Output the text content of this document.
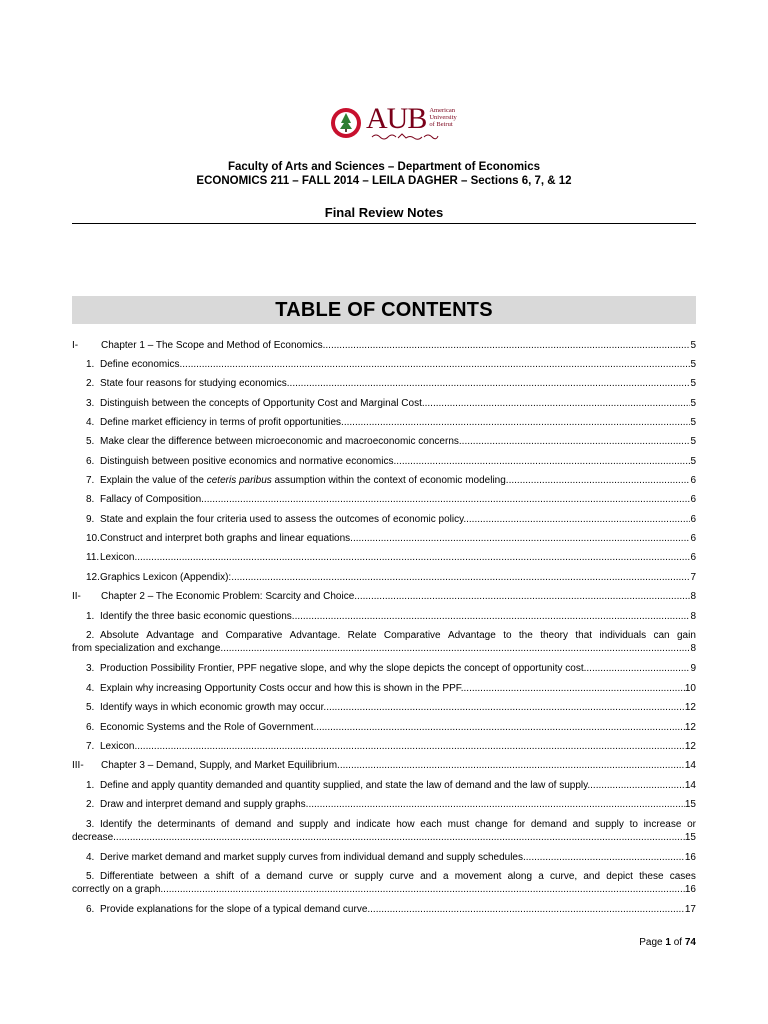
AUB American
University
of Beirut
Faculty of Arts and Sciences – Department of Economics
ECONOMICS 211 – FALL 2014 – LEILA DAGHER – Sections 6, 7, & 12
Final Review Notes
TABLE OF CONTENTS
I-	Chapter 1 – The Scope and Method of Economics .....	5
1. Define economics. .....	5
2. State four reasons for studying economics. .....	5
3. Distinguish between the concepts of Opportunity Cost and Marginal Cost. .....	5
4. Define market efficiency in terms of profit opportunities. .....	5
5. Make clear the difference between microeconomic and macroeconomic concerns. .....	5
6. Distinguish between positive economics and normative economics. .....	5
7. Explain the value of the ceteris paribus assumption within the context of economic modeling. .....	6
8. Fallacy of Composition .....	6
9. State and explain the four criteria used to assess the outcomes of economic policy. .....	6
10. Construct and interpret both graphs and linear equations. .....	6
11. Lexicon .....	6
12. Graphics Lexicon (Appendix): .....	7
II-	Chapter 2 – The Economic Problem: Scarcity and Choice .....	8
1. Identify the three basic economic questions. .....	8
2. Absolute Advantage and Comparative Advantage. Relate Comparative Advantage to the theory that individuals can gain
from specialization and exchange. .....	8
3. Production Possibility Frontier, PPF negative slope, and why the slope depicts the concept of opportunity cost. .....	9
4. Explain why increasing Opportunity Costs occur and how this is shown in the PPF. .....	10
5. Identify ways in which economic growth may occur. .....	12
6. Economic Systems and the Role of Government .....	12
7. Lexicon .....	12
III-	Chapter 3 – Demand, Supply, and Market Equilibrium .....	14
1. Define and apply quantity demanded and quantity supplied, and state the law of demand and the law of supply. .....	14
2. Draw and interpret demand and supply graphs. .....	15
3. Identify the determinants of demand and supply and indicate how each must change for demand and supply to increase or
decrease. .....	15
4. Derive market demand and market supply curves from individual demand and supply schedules. .....	16
5. Differentiate between a shift of a demand curve or supply curve and a movement along a curve, and depict these cases
correctly on a graph. .....	16
6. Provide explanations for the slope of a typical demand curve. .....	17
Page 1 of 74
